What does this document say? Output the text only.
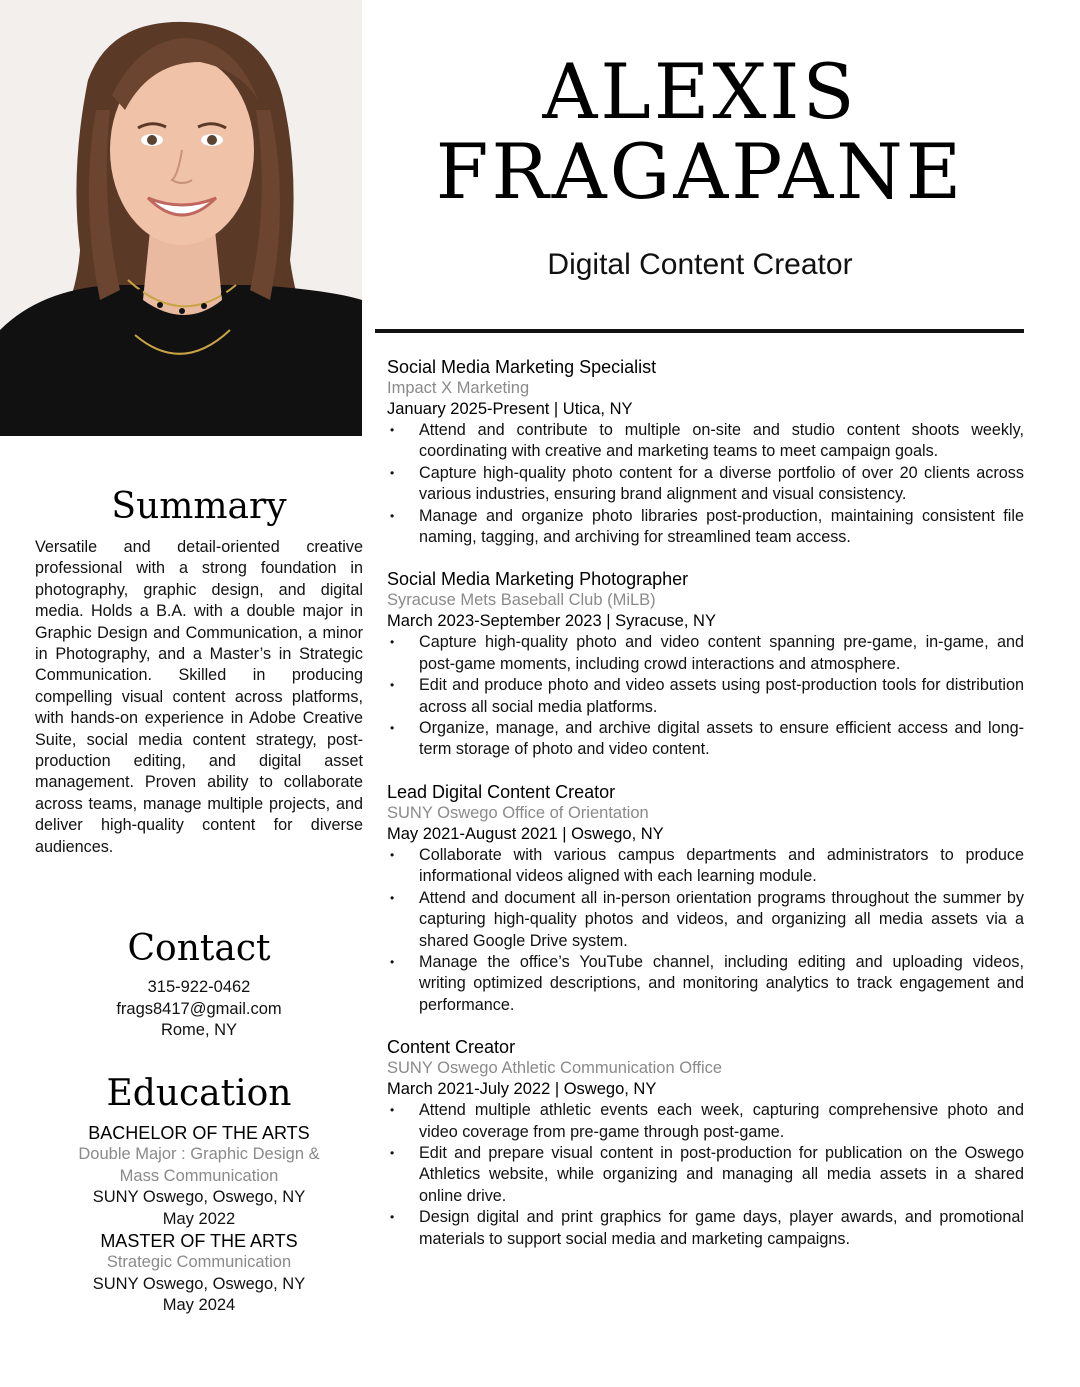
ALEXIS
FRAGAPANE
Digital Content Creator
Summary

Versatile and detail-oriented creative professional with a strong foundation in photography, graphic design, and digital media. Holds a B.A. with a double major in Graphic Design and Communication, a minor in Photography, and a Master’s in Strategic Communication. Skilled in producing compelling visual content across platforms, with hands-on experience in Adobe Creative Suite, social media content strategy, post-production editing, and digital asset management. Proven ability to collaborate across teams, manage multiple projects, and deliver high-quality content for diverse audiences.

Contact
315-922-0462
frags8417@gmail.com
Rome, NY
Education
BACHELOR OF THE ARTS
Double Major : Graphic Design & Mass Communication
SUNY Oswego, Oswego, NY
May 2022
MASTER OF THE ARTS
Strategic Communication
SUNY Oswego, Oswego, NY
May 2024
Social Media Marketing Specialist
Impact X Marketing
January 2025-Present | Utica, NY
• Attend and contribute to multiple on-site and studio content shoots weekly, coordinating with creative and marketing teams to meet campaign goals.
• Capture high-quality photo content for a diverse portfolio of over 20 clients across various industries, ensuring brand alignment and visual consistency.
• Manage and organize photo libraries post-production, maintaining consistent file naming, tagging, and archiving for streamlined team access.
Social Media Marketing Photographer
Syracuse Mets Baseball Club (MiLB)
March 2023-September 2023 | Syracuse, NY
• Capture high-quality photo and video content spanning pre-game, in-game, and post-game moments, including crowd interactions and atmosphere.
• Edit and produce photo and video assets using post-production tools for distribution across all social media platforms.
• Organize, manage, and archive digital assets to ensure efficient access and long-term storage of photo and video content.
Lead Digital Content Creator
SUNY Oswego Office of Orientation
May 2021-August 2021 | Oswego, NY
• Collaborate with various campus departments and administrators to produce informational videos aligned with each learning module.
• Attend and document all in-person orientation programs throughout the summer by capturing high-quality photos and videos, and organizing all media assets via a shared Google Drive system.
• Manage the office’s YouTube channel, including editing and uploading videos, writing optimized descriptions, and monitoring analytics to track engagement and performance.
Content Creator
SUNY Oswego Athletic Communication Office
March 2021-July 2022 | Oswego, NY
• Attend multiple athletic events each week, capturing comprehensive photo and video coverage from pre-game through post-game.
• Edit and prepare visual content in post-production for publication on the Oswego Athletics website, while organizing and managing all media assets in a shared online drive.
• Design digital and print graphics for game days, player awards, and promotional materials to support social media and marketing campaigns.
